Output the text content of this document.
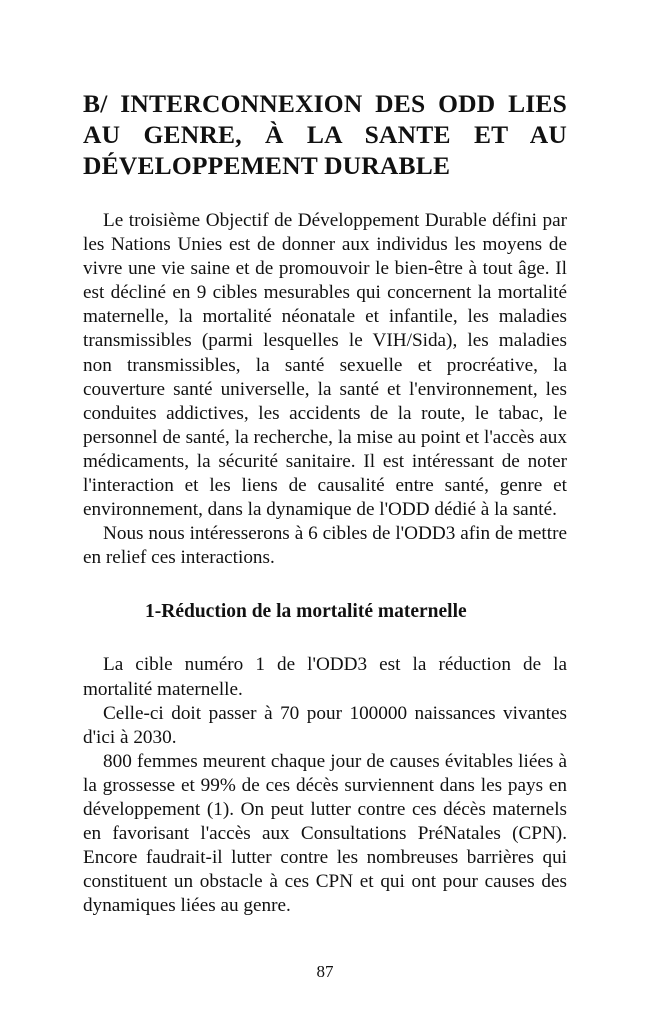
B/ INTERCONNEXION DES ODD LIES AU GENRE, À LA SANTE ET AU DÉVELOPPEMENT DURABLE

Le troisième Objectif de Développement Durable défini par les Nations Unies est de donner aux individus les moyens de vivre une vie saine et de promouvoir le bien-être à tout âge. Il est décliné en 9 cibles mesurables qui concernent la mortalité maternelle, la mortalité néonatale et infantile, les maladies transmissibles (parmi lesquelles le VIH/Sida), les maladies non transmissibles, la santé sexuelle et procréative, la couverture santé universelle, la santé et l'environnement, les conduites addictives, les accidents de la route, le tabac, le personnel de santé, la recherche, la mise au point et l'accès aux médicaments, la sécurité sanitaire. Il est intéressant de noter l'interaction et les liens de causalité entre santé, genre et environnement, dans la dynamique de l'ODD dédié à la santé.

Nous nous intéresserons à 6 cibles de l'ODD3 afin de mettre en relief ces interactions.

1-Réduction de la mortalité maternelle

La cible numéro 1 de l'ODD3 est la réduction de la mortalité maternelle.

Celle-ci doit passer à 70 pour 100000 naissances vivantes d'ici à 2030.

800 femmes meurent chaque jour de causes évitables liées à la grossesse et 99% de ces décès surviennent dans les pays en développement (1). On peut lutter contre ces décès maternels en favorisant l'accès aux Consultations PréNatales (CPN). Encore faudrait-il lutter contre les nombreuses barrières qui constituent un obstacle à ces CPN et qui ont pour causes des dynamiques liées au genre.

87
